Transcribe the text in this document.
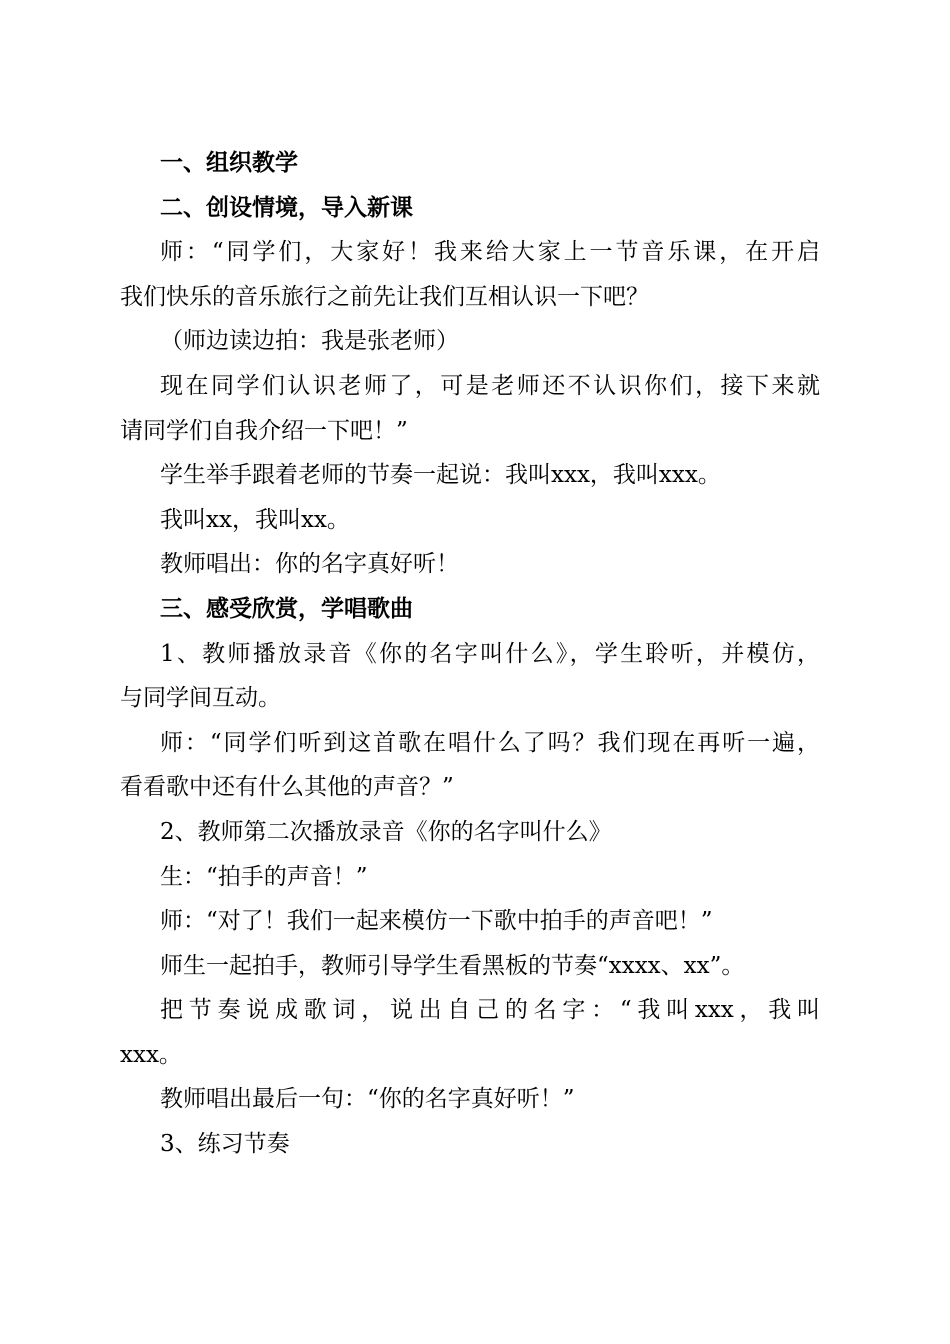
一、组织教学
二、创设情境，导入新课
师：“同学们，大家好！我来给大家上一节音乐课，在开启
我们快乐的音乐旅行之前先让我们互相认识一下吧？
（师边读边拍：我是张老师）
现在同学们认识老师了，可是老师还不认识你们，接下来就
请同学们自我介绍一下吧！”
学生举手跟着老师的节奏一起说：我叫xxx，我叫xxx。
我叫xx，我叫xx。
教师唱出：你的名字真好听！
三、感受欣赏，学唱歌曲
1、教师播放录音《你的名字叫什么》，学生聆听，并模仿，
与同学间互动。
师：“同学们听到这首歌在唱什么了吗？我们现在再听一遍，
看看歌中还有什么其他的声音？”
2、教师第二次播放录音《你的名字叫什么》
生：“拍手的声音！”
师：“对了！我们一起来模仿一下歌中拍手的声音吧！”
师生一起拍手，教师引导学生看黑板的节奏“xxxx、xx”。
把节奏说成歌词，说出自己的名字：“我叫xxx，我叫
xxx。
教师唱出最后一句：“你的名字真好听！”
3、练习节奏
